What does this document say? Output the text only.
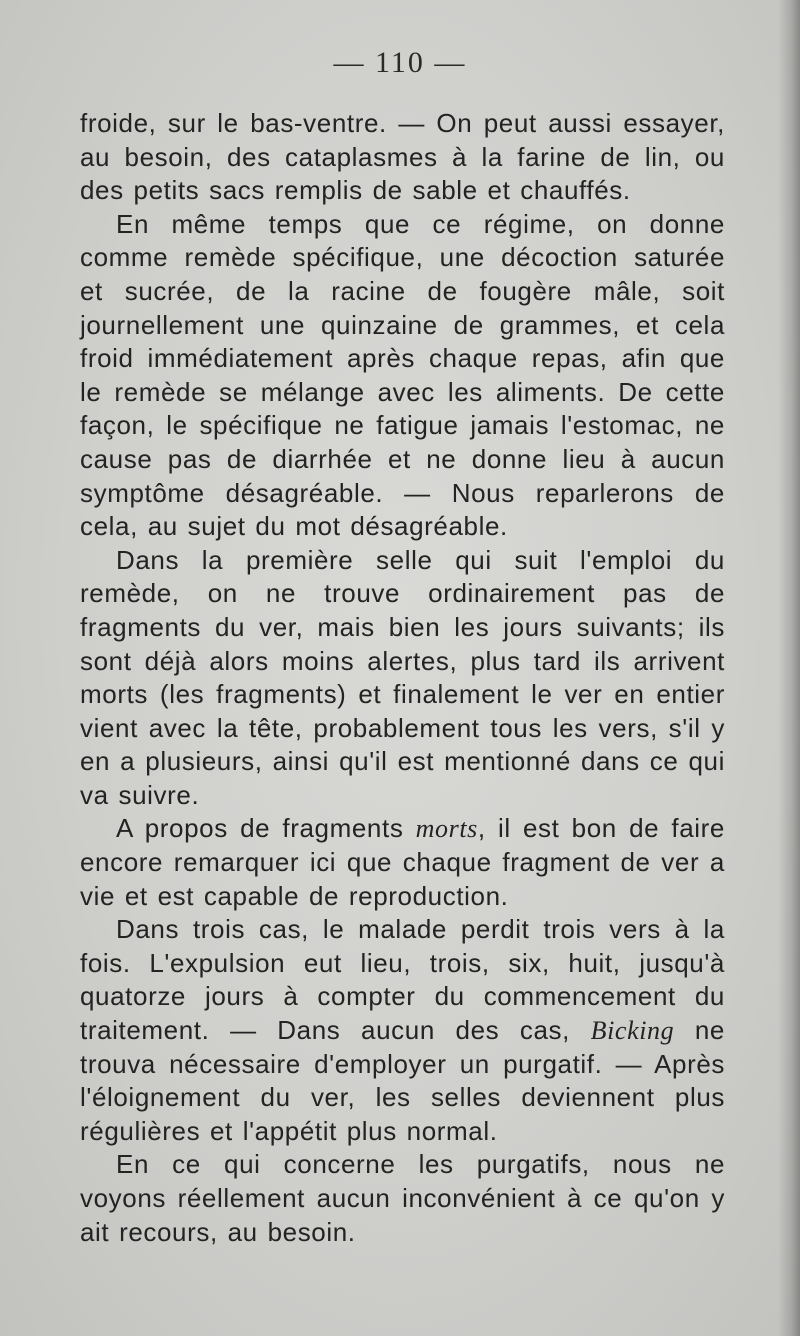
— 110 —

froide, sur le bas-ventre. — On peut aussi essayer, au besoin, des cataplasmes à la farine de lin, ou des petits sacs remplis de sable et chauffés.

En même temps que ce régime, on donne comme remède spécifique, une décoction saturée et sucrée, de la racine de fougère mâle, soit journellement une quinzaine de grammes, et cela froid immédiatement après chaque repas, afin que le remède se mélange avec les aliments. De cette façon, le spécifique ne fatigue jamais l'estomac, ne cause pas de diarrhée et ne donne lieu à aucun symptôme désagréable. — Nous reparlerons de cela, au sujet du mot désagréable.

Dans la première selle qui suit l'emploi du remède, on ne trouve ordinairement pas de fragments du ver, mais bien les jours suivants; ils sont déjà alors moins alertes, plus tard ils arrivent morts (les fragments) et finalement le ver en entier vient avec la tête, probablement tous les vers, s'il y en a plusieurs, ainsi qu'il est mentionné dans ce qui va suivre.

A propos de fragments morts, il est bon de faire encore remarquer ici que chaque fragment de ver a vie et est capable de reproduction.

Dans trois cas, le malade perdit trois vers à la fois. L'expulsion eut lieu, trois, six, huit, jusqu'à quatorze jours à compter du commencement du traitement. — Dans aucun des cas, Bicking ne trouva nécessaire d'employer un purgatif. — Après l'éloignement du ver, les selles deviennent plus régulières et l'appétit plus normal.

En ce qui concerne les purgatifs, nous ne voyons réellement aucun inconvénient à ce qu'on y ait recours, au besoin.
